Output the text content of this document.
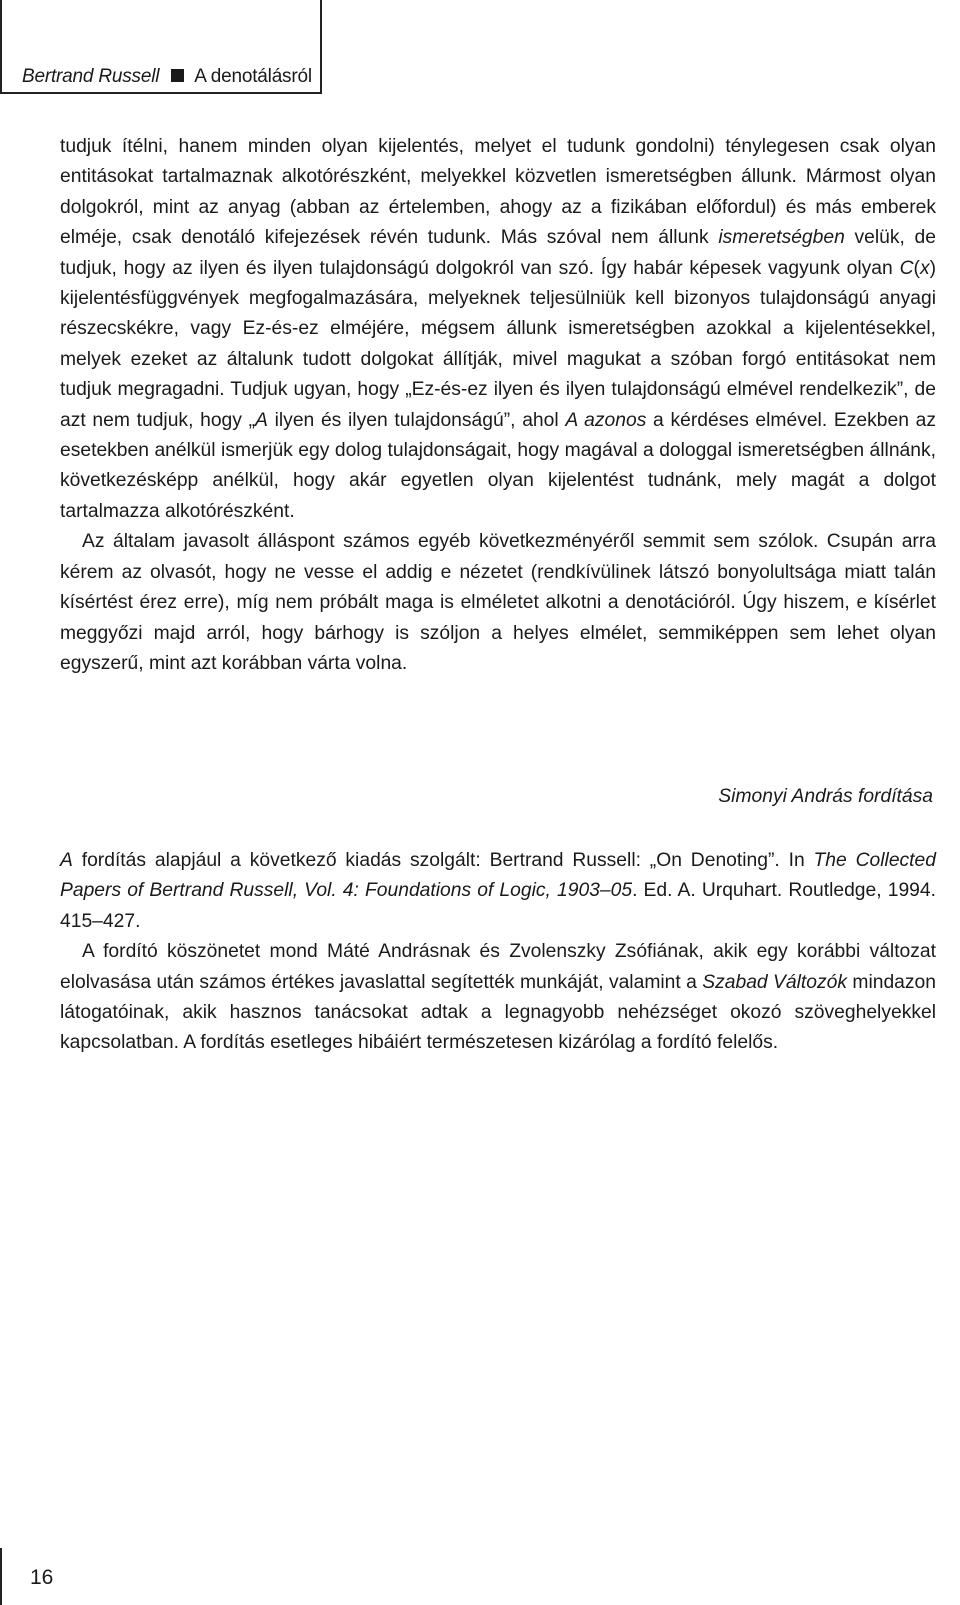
Bertrand Russell A denotálásról

tudjuk ítélni, hanem minden olyan kijelentés, melyet el tudunk gondolni) ténylegesen csak olyan entitásokat tartalmaznak alkotórészként, melyekkel közvetlen ismeretségben állunk. Mármost olyan dolgokról, mint az anyag (abban az értelemben, ahogy az a fizikában előfordul) és más emberek elméje, csak denotáló kifejezések révén tudunk. Más szóval nem állunk ismeretségben velük, de tudjuk, hogy az ilyen és ilyen tulajdonságú dolgokról van szó. Így habár képesek vagyunk olyan C(x) kijelentésfüggvények megfogalmazására, melyeknek teljesülniük kell bizonyos tulajdonságú anyagi részecskékre, vagy Ez-és-ez elméjére, mégsem állunk ismeretségben azokkal a kijelentésekkel, melyek ezeket az általunk tudott dolgokat állítják, mivel magukat a szóban forgó entitásokat nem tudjuk megragadni. Tudjuk ugyan, hogy „Ez-és-ez ilyen és ilyen tulajdonságú elmével rendelkezik”, de azt nem tudjuk, hogy „A ilyen és ilyen tulajdonságú”, ahol A azonos a kérdéses elmével. Ezekben az esetekben anélkül ismerjük egy dolog tulajdonságait, hogy magával a dologgal ismeretségben állnánk, következésképp anélkül, hogy akár egyetlen olyan kijelentést tudnánk, mely magát a dolgot tartalmazza alkotórészként.

Az általam javasolt álláspont számos egyéb következményéről semmit sem szólok. Csupán arra kérem az olvasót, hogy ne vesse el addig e nézetet (rendkívülinek látszó bonyolultsága miatt talán kísértést érez erre), míg nem próbált maga is elméletet alkotni a denotációról. Úgy hiszem, e kísérlet meggyőzi majd arról, hogy bárhogy is szóljon a helyes elmélet, semmiképpen sem lehet olyan egyszerű, mint azt korábban várta volna.

Simonyi András fordítása

A fordítás alapjául a következő kiadás szolgált: Bertrand Russell: „On Denoting”. In The Collected Papers of Bertrand Russell, Vol. 4: Foundations of Logic, 1903–05. Ed. A. Urquhart. Routledge, 1994. 415–427.

A fordító köszönetet mond Máté Andrásnak és Zvolenszky Zsófiának, akik egy korábbi változat elolvasása után számos értékes javaslattal segítették munkáját, valamint a Szabad Változók mindazon látogatóinak, akik hasznos tanácsokat adtak a legnagyobb nehézséget okozó szöveghelyekkel kapcsolatban. A fordítás esetleges hibáiért természetesen kizárólag a fordító felelős.

16
